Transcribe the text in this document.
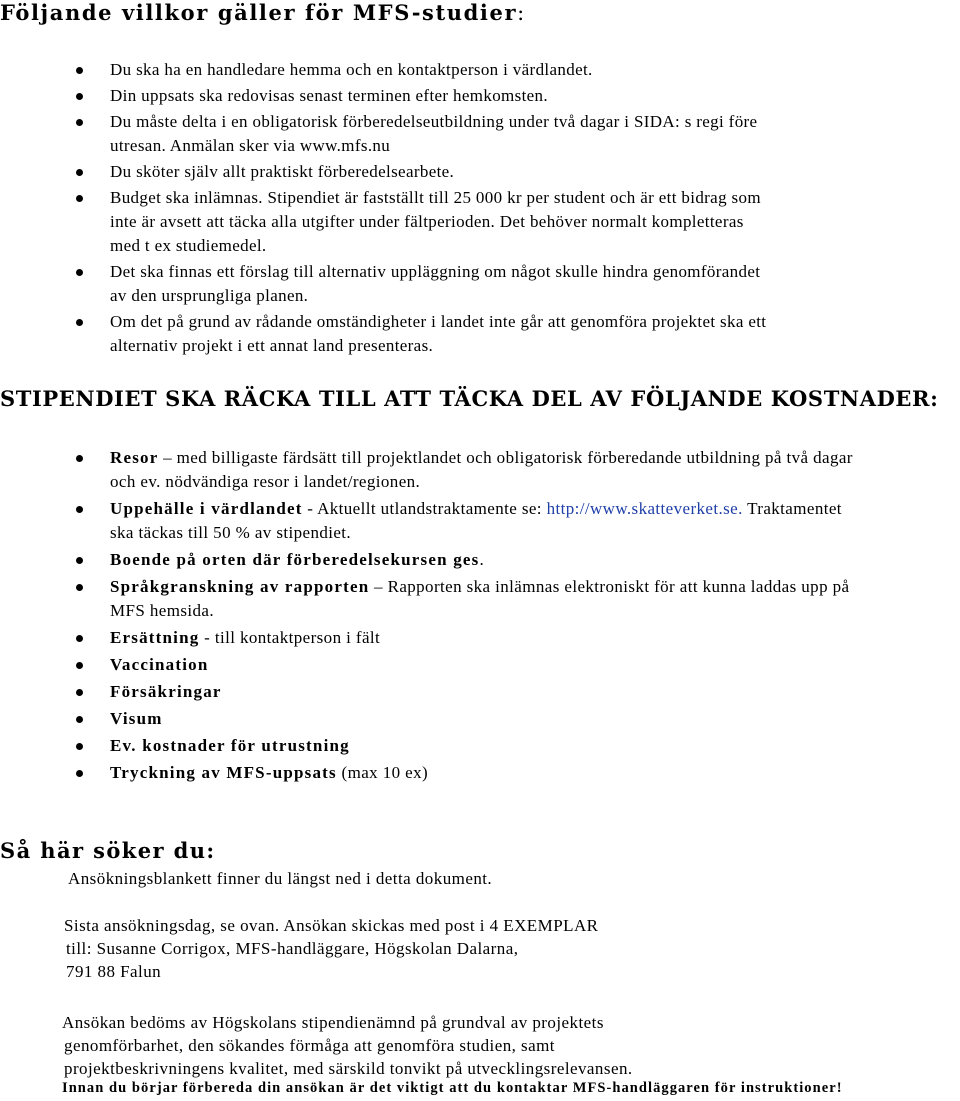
Följande villkor gäller för MFS-studier:
Du ska ha en handledare hemma och en kontaktperson i värdlandet.
Din uppsats ska redovisas senast terminen efter hemkomsten.
Du måste delta i en obligatorisk förberedelseutbildning under två dagar i SIDA: s regi före utresan. Anmälan sker via www.mfs.nu
Du sköter själv allt praktiskt förberedelsearbete.
Budget ska inlämnas. Stipendiet är fastställt till 25 000 kr per student och är ett bidrag som inte är avsett att täcka alla utgifter under fältperioden. Det behöver normalt kompletteras med t ex studiemedel.
Det ska finnas ett förslag till alternativ uppläggning om något skulle hindra genomförandet av den ursprungliga planen.
Om det på grund av rådande omständigheter i landet inte går att genomföra projektet ska ett alternativ projekt i ett annat land presenteras.
STIPENDIET SKA RÄCKA TILL ATT TÄCKA DEL AV FÖLJANDE KOSTNADER:
Resor – med billigaste färdsätt till projektlandet och obligatorisk förberedande utbildning på två dagar och ev. nödvändiga resor i landet/regionen.
Uppehälle i värdlandet - Aktuellt utlandstraktamente se: http://www.skatteverket.se. Traktamentet ska täckas till 50 % av stipendiet.
Boende på orten där förberedelsekursen ges.
Språkgranskning av rapporten – Rapporten ska inlämnas elektroniskt för att kunna laddas upp på MFS hemsida.
Ersättning - till kontaktperson i fält
Vaccination
Försäkringar
Visum
Ev. kostnader för utrustning
Tryckning av MFS-uppsats (max 10 ex)
Så här söker du:

Ansökningsblankett finner du längst ned i detta dokument.

Sista ansökningsdag, se ovan. Ansökan skickas med post i 4 EXEMPLAR
till: Susanne Corrigox, MFS-handläggare, Högskolan Dalarna,
791 88 Falun
Ansökan bedöms av Högskolans stipendienämnd på grundval av projektets
genomförbarhet, den sökandes förmåga att genomföra studien, samt
projektbeskrivningens kvalitet, med särskild tonvikt på utvecklingsrelevansen.

Innan du börjar förbereda din ansökan är det viktigt att du kontaktar MFS-handläggaren för instruktioner!
